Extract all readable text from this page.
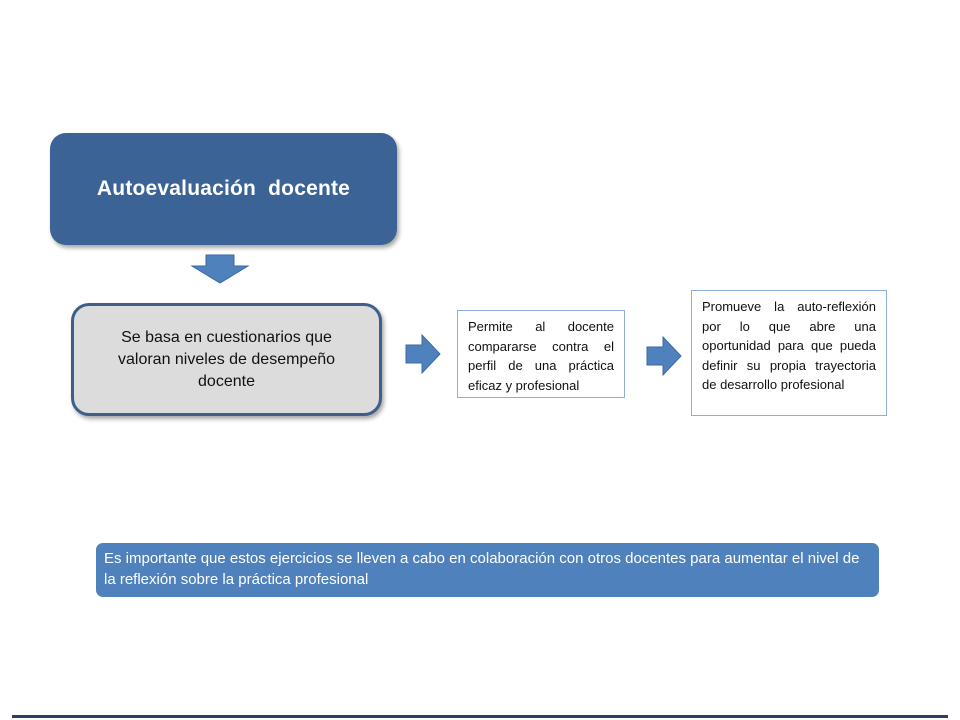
Autoevaluación  docente
Se basa en cuestionarios que valoran niveles de desempeño docente
Permite al docente compararse contra el perfil de una práctica eficaz y profesional
Promueve la auto-reflexión por lo que abre una oportunidad para que pueda definir su propia trayectoria de desarrollo profesional
Es importante que estos ejercicios se lleven a cabo en colaboración con otros docentes para aumentar el nivel de la reflexión sobre la práctica profesional
